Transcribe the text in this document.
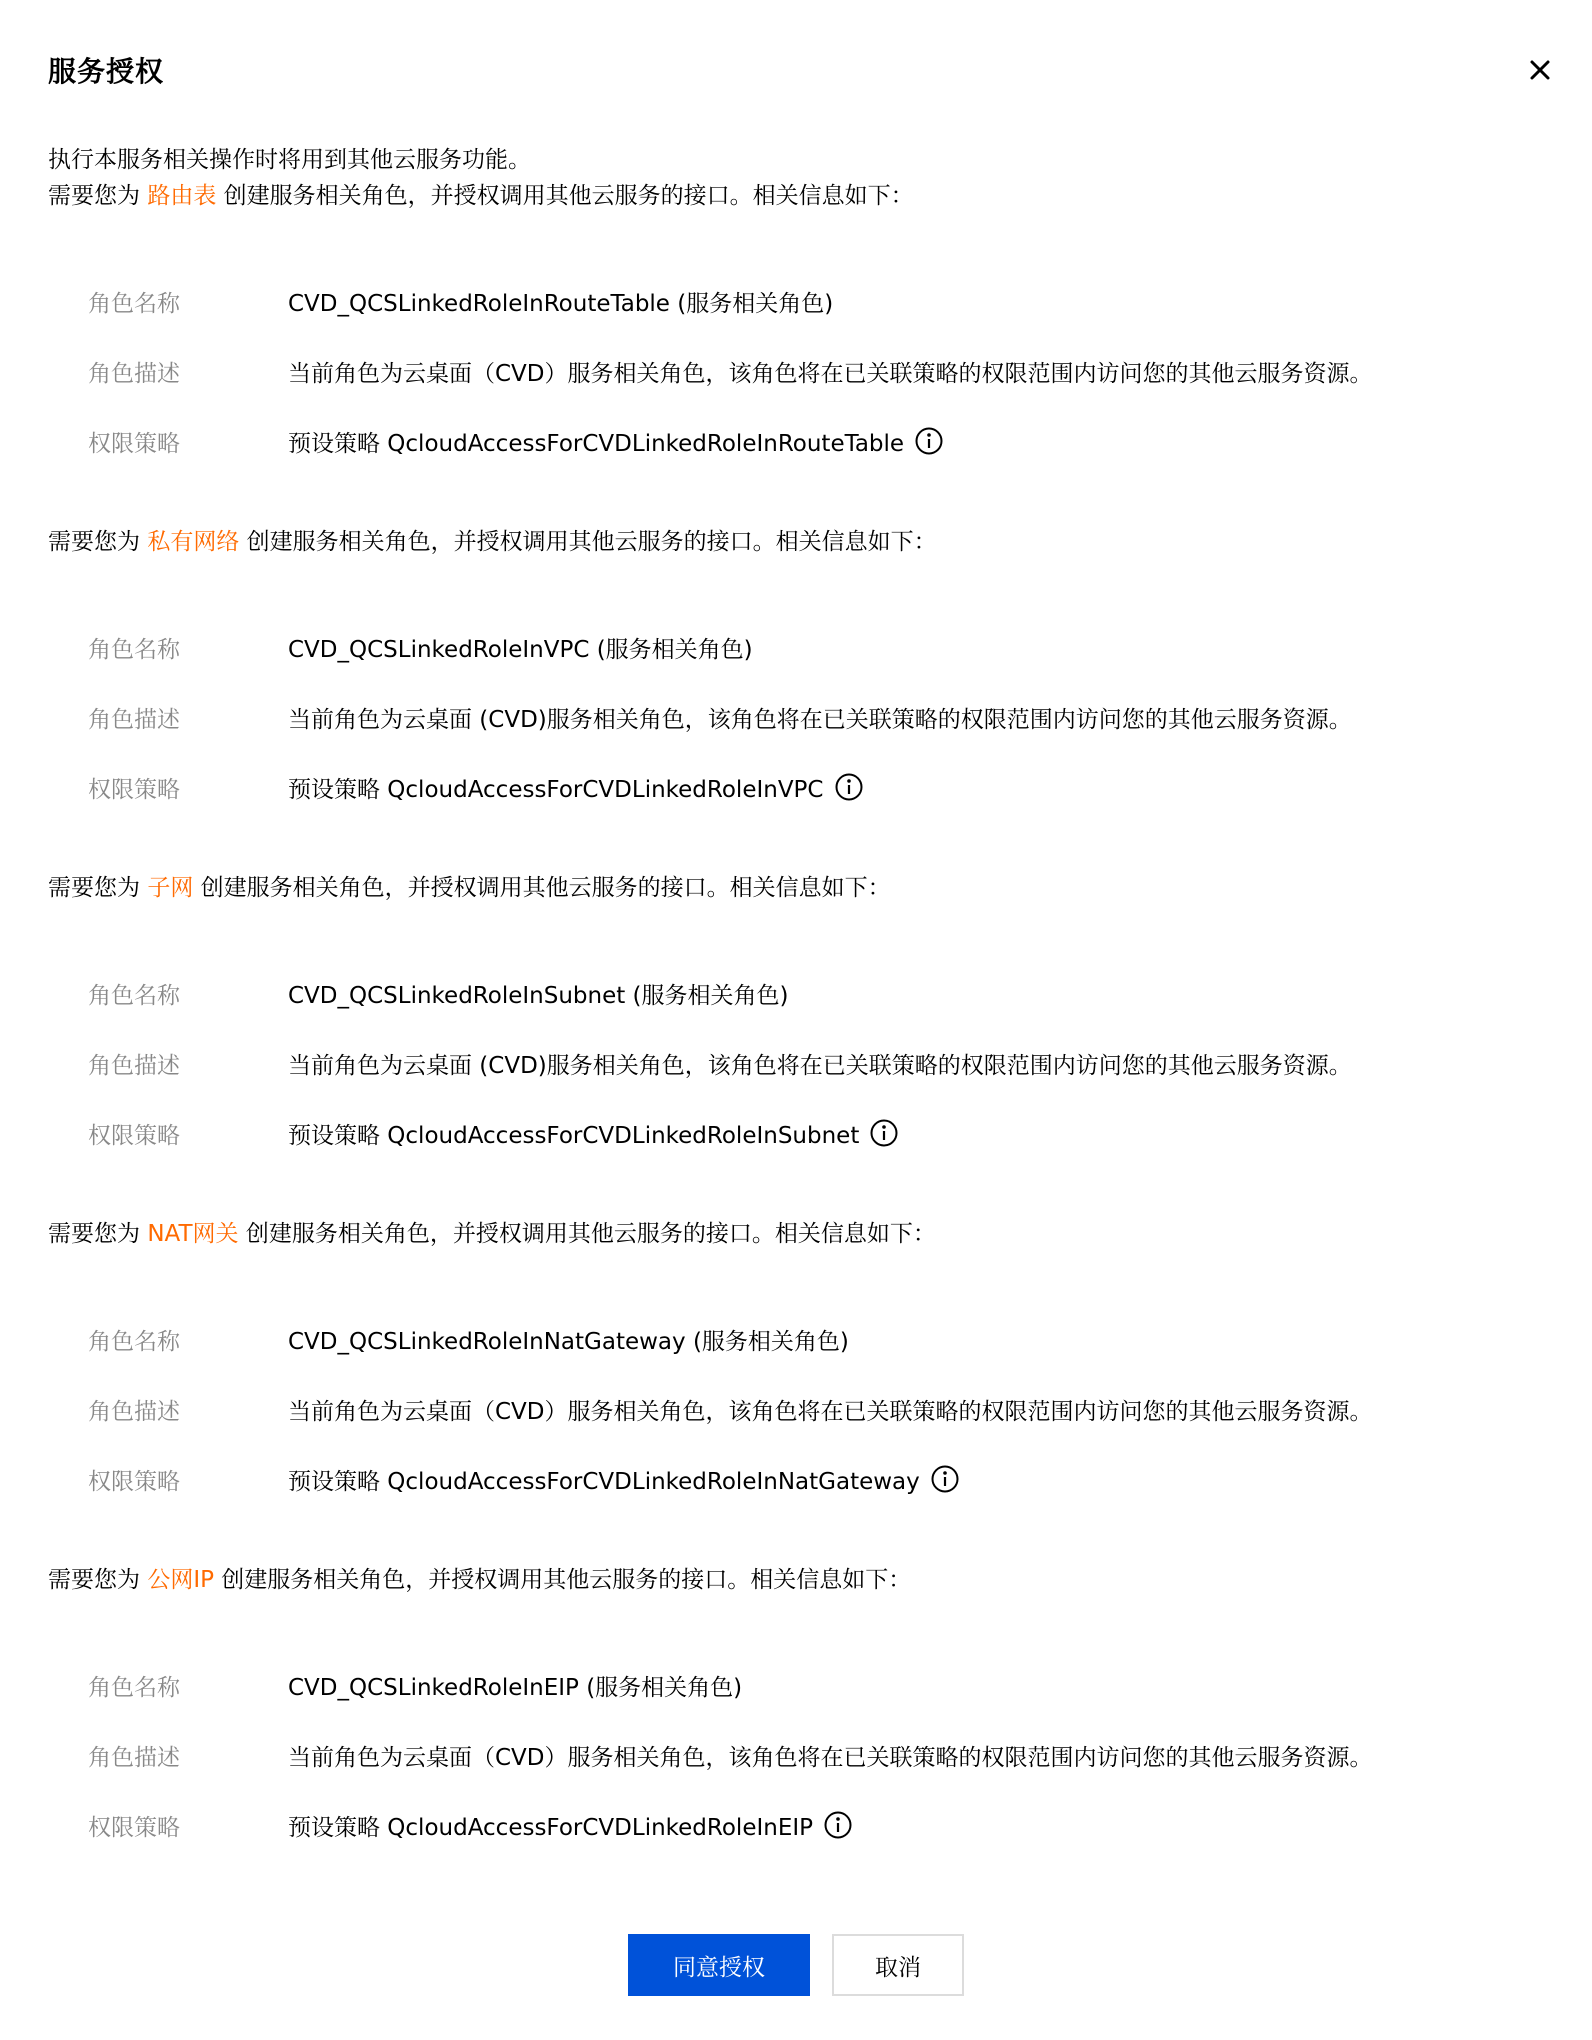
服务授权
执行本服务相关操作时将用到其他云服务功能。
需要您为 路由表 创建服务相关角色，并授权调用其他云服务的接口。相关信息如下：
角色名称	CVD_QCSLinkedRoleInRouteTable (服务相关角色)
角色描述	当前角色为云桌面（CVD）服务相关角色，该角色将在已关联策略的权限范围内访问您的其他云服务资源。
权限策略	预设策略 QcloudAccessForCVDLinkedRoleInRouteTable
需要您为 私有网络 创建服务相关角色，并授权调用其他云服务的接口。相关信息如下：
角色名称	CVD_QCSLinkedRoleInVPC (服务相关角色)
角色描述	当前角色为云桌面 (CVD)服务相关角色，该角色将在已关联策略的权限范围内访问您的其他云服务资源。
权限策略	预设策略 QcloudAccessForCVDLinkedRoleInVPC
需要您为 子网 创建服务相关角色，并授权调用其他云服务的接口。相关信息如下：
角色名称	CVD_QCSLinkedRoleInSubnet (服务相关角色)
角色描述	当前角色为云桌面 (CVD)服务相关角色，该角色将在已关联策略的权限范围内访问您的其他云服务资源。
权限策略	预设策略 QcloudAccessForCVDLinkedRoleInSubnet
需要您为 NAT网关 创建服务相关角色，并授权调用其他云服务的接口。相关信息如下：
角色名称	CVD_QCSLinkedRoleInNatGateway (服务相关角色)
角色描述	当前角色为云桌面（CVD）服务相关角色，该角色将在已关联策略的权限范围内访问您的其他云服务资源。
权限策略	预设策略 QcloudAccessForCVDLinkedRoleInNatGateway
需要您为 公网IP 创建服务相关角色，并授权调用其他云服务的接口。相关信息如下：
角色名称	CVD_QCSLinkedRoleInEIP (服务相关角色)
角色描述	当前角色为云桌面（CVD）服务相关角色，该角色将在已关联策略的权限范围内访问您的其他云服务资源。
权限策略	预设策略 QcloudAccessForCVDLinkedRoleInEIP
同意授权	取消
